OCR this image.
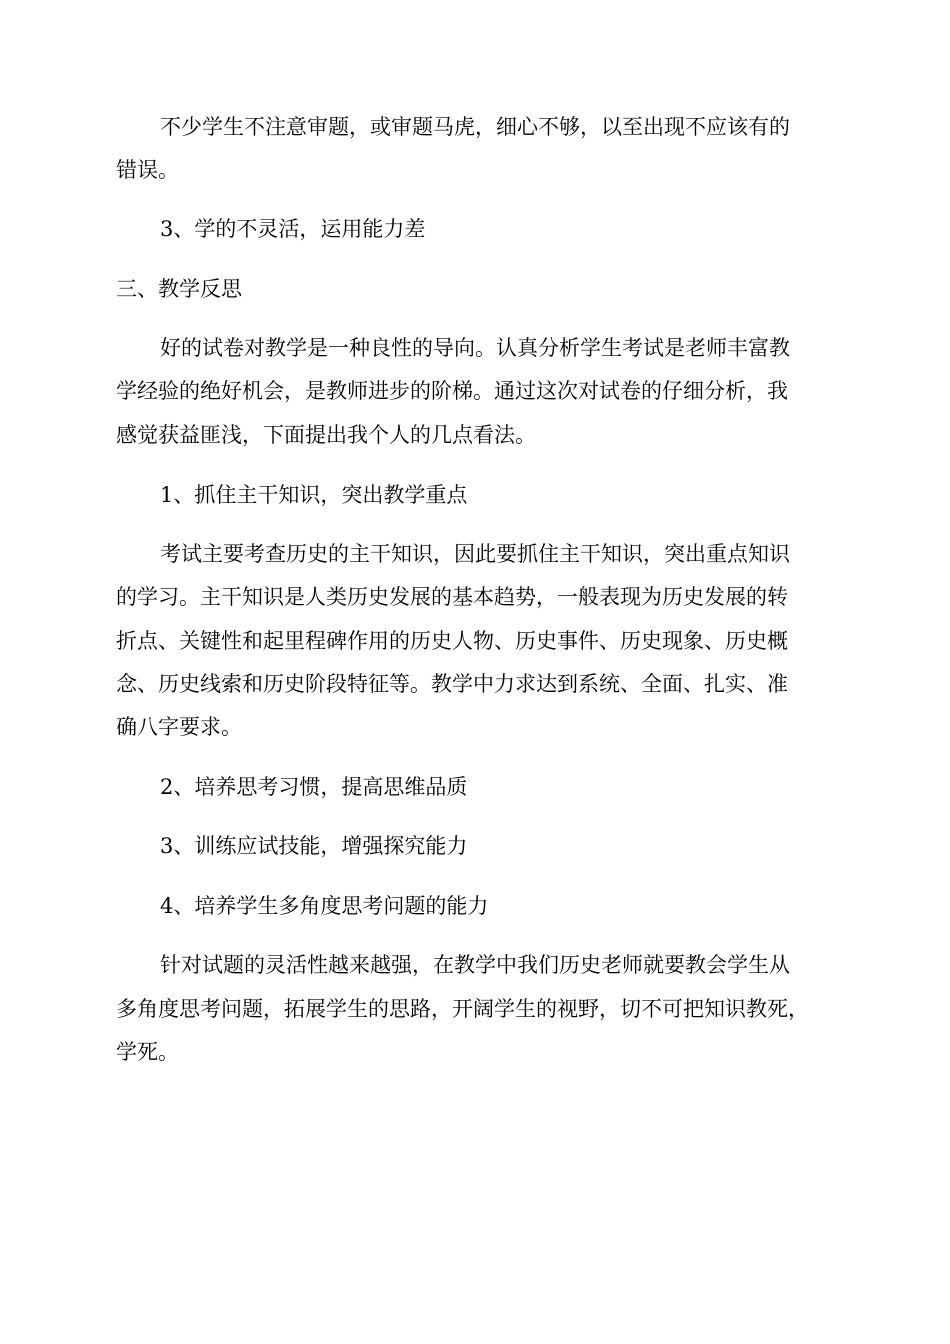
不少学生不注意审题，或审题马虎，细心不够，以至出现不应该有的
错误。
3、学的不灵活，运用能力差
三、教学反思
好的试卷对教学是一种良性的导向。认真分析学生考试是老师丰富教
学经验的绝好机会，是教师进步的阶梯。通过这次对试卷的仔细分析，我
感觉获益匪浅，下面提出我个人的几点看法。
1、抓住主干知识，突出教学重点
考试主要考查历史的主干知识，因此要抓住主干知识，突出重点知识
的学习。主干知识是人类历史发展的基本趋势，一般表现为历史发展的转
折点、关键性和起里程碑作用的历史人物、历史事件、历史现象、历史概
念、历史线索和历史阶段特征等。教学中力求达到系统、全面、扎实、准
确八字要求。
2、培养思考习惯，提高思维品质
3、训练应试技能，增强探究能力
4、培养学生多角度思考问题的能力
针对试题的灵活性越来越强，在教学中我们历史老师就要教会学生从
多角度思考问题，拓展学生的思路，开阔学生的视野，切不可把知识教死，
学死。
